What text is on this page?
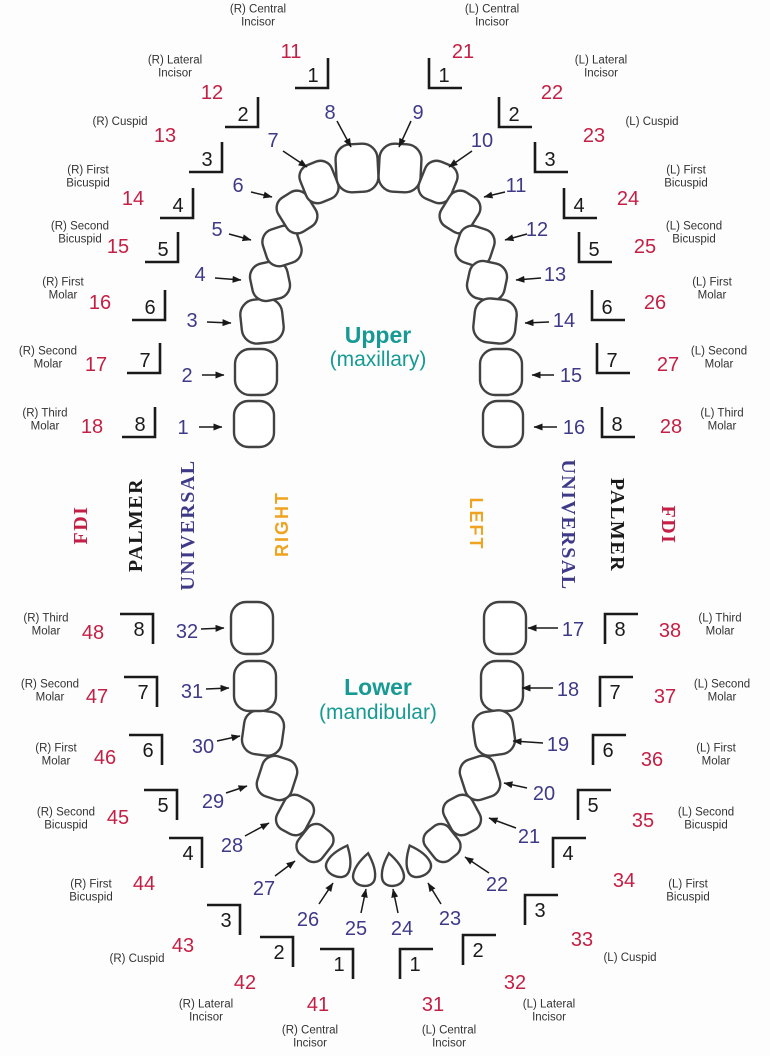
(R) Central
Incisor
11
1
8
(R) Lateral
Incisor
12
2
7
(R) Cuspid
13
3
6
(R) First
Bicuspid
14 4
5
(R) Second
Bicuspid 15 5
4
(R) First
Molar 16 6
3
(R) Second
Molar 17 7
2
(R) Third
Molar 18 8 1
(L) Central
Incisor
21
1
9
(L) Lateral
Incisor
22
2
10
(L) Cuspid
23
3
11
(L) First
Bicuspid
24
4
12	(L) Second
Bicuspid
25
5
13	(L) First
Molar
26
6
14
(L) Second
Molar
27
7
15
(L) Third
Molar
28
8
16
(R) Central
Incisor
41
1
25
(R) Lateral
Incisor
42
2
26
(R) Cuspid
43
3
27
(R) First
Bicuspid
44
4 28
(R) Second
Bicuspid 45
5 29
(R) First
Molar 46 6 30
(R) Second
Molar 47 7 31
(R) Third
Molar 48 8 32
(L) Central
Incisor
31
1
24
(L) Lateral
Incisor
32
2
23
(L) Cuspid
33
3
22	(L) First
Bicuspid
34
4
21
(L) Second
Bicuspid
35
5
20
(L) First
Molar
36
6
19
(L) Second
Molar
37
7
18
(L) Third
Molar
38
8
17
Upper
(maxillary)
Lower
(mandibular)
FDI PALMER UNIVERSAL	RIGHT	LEFT	UNIVERSAL PALMER FDI
